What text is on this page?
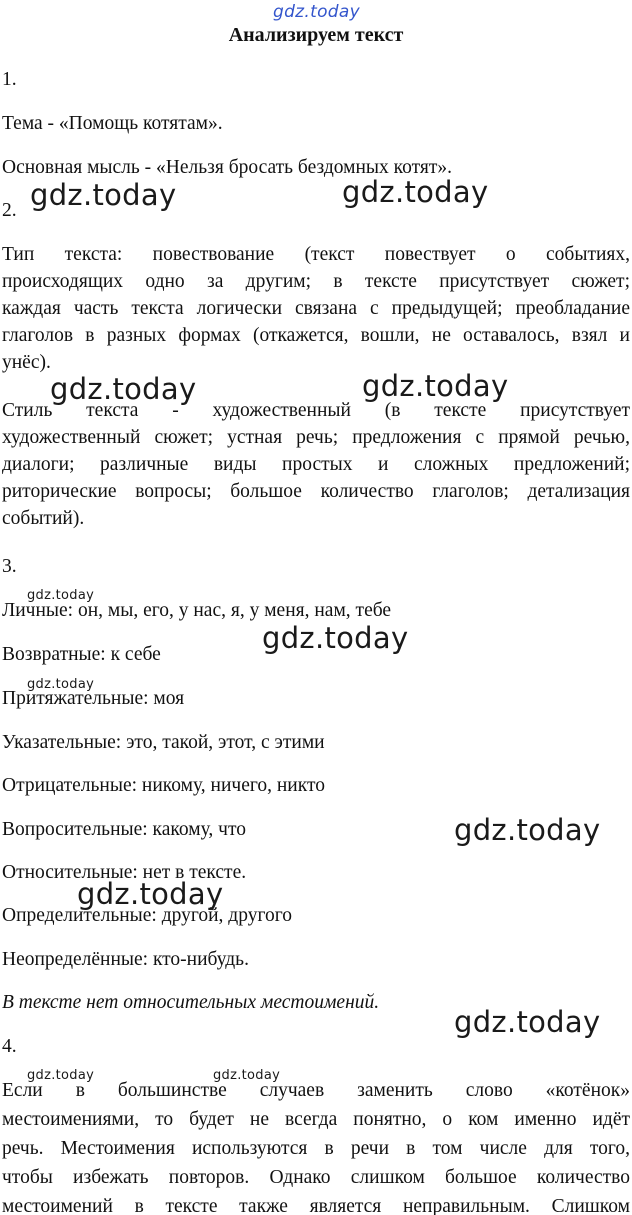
gdz.today
Анализируем текст
1.
Тема - «Помощь котятам».
Основная мысль - «Нельзя бросать бездомных котят».
2.
Тип текста: повествование (текст повествует о событиях,
происходящих одно за другим; в тексте присутствует сюжет;
каждая часть текста логически связана с предыдущей; преобладание
глаголов в разных формах (откажется, вошли, не оставалось, взял и
унёс).
Стиль текста - художественный (в тексте присутствует
художественный сюжет; устная речь; предложения с прямой речью,
диалоги; различные виды простых и сложных предложений;
риторические вопросы; большое количество глаголов; детализация
событий).
3.
Личные: он, мы, его, у нас, я, у меня, нам, тебе
Возвратные: к себе
Притяжательные: моя
Указательные: это, такой, этот, с этими
Отрицательные: никому, ничего, никто
Вопросительные: какому, что
Относительные: нет в тексте.
Определительные: другой, другого
Неопределённые: кто-нибудь.
В тексте нет относительных местоимений.
4.
Если в большинстве случаев заменить слово «котёнок»
местоимениями, то будет не всегда понятно, о ком именно идёт
речь. Местоимения используются в речи в том числе для того,
чтобы избежать повторов. Однако слишком большое количество
местоимений в тексте также является неправильным. Слишком
gdz.today	gdz.today
gdz.today	gdz.today
gdz.today
gdz.today
gdz.today
gdz.today
gdz.today
gdz.today
gdz.today	gdz.today
